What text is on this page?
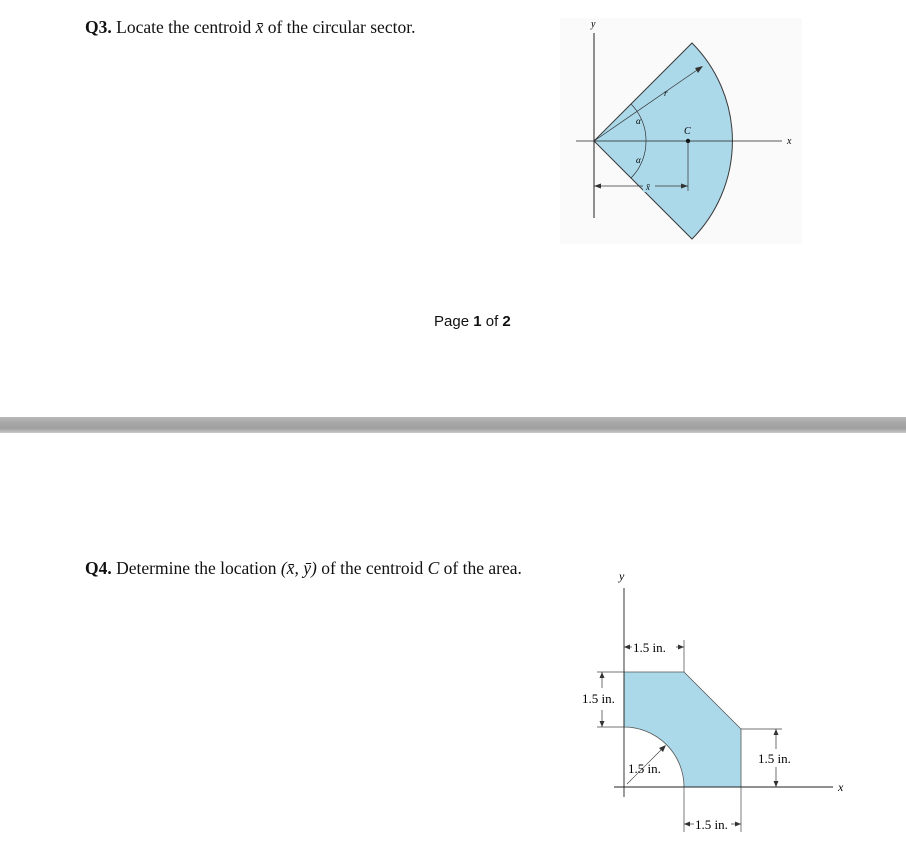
Q3. Locate the centroid x̄ of the circular sector.	y
x
r
α
α
C
x̄
Page 1 of 2
Q4. Determine the location (x̄, ȳ) of the centroid C of the area.	y
x
1.5 in.
1.5 in.
1.5 in.
1.5 in.
1.5 in.
